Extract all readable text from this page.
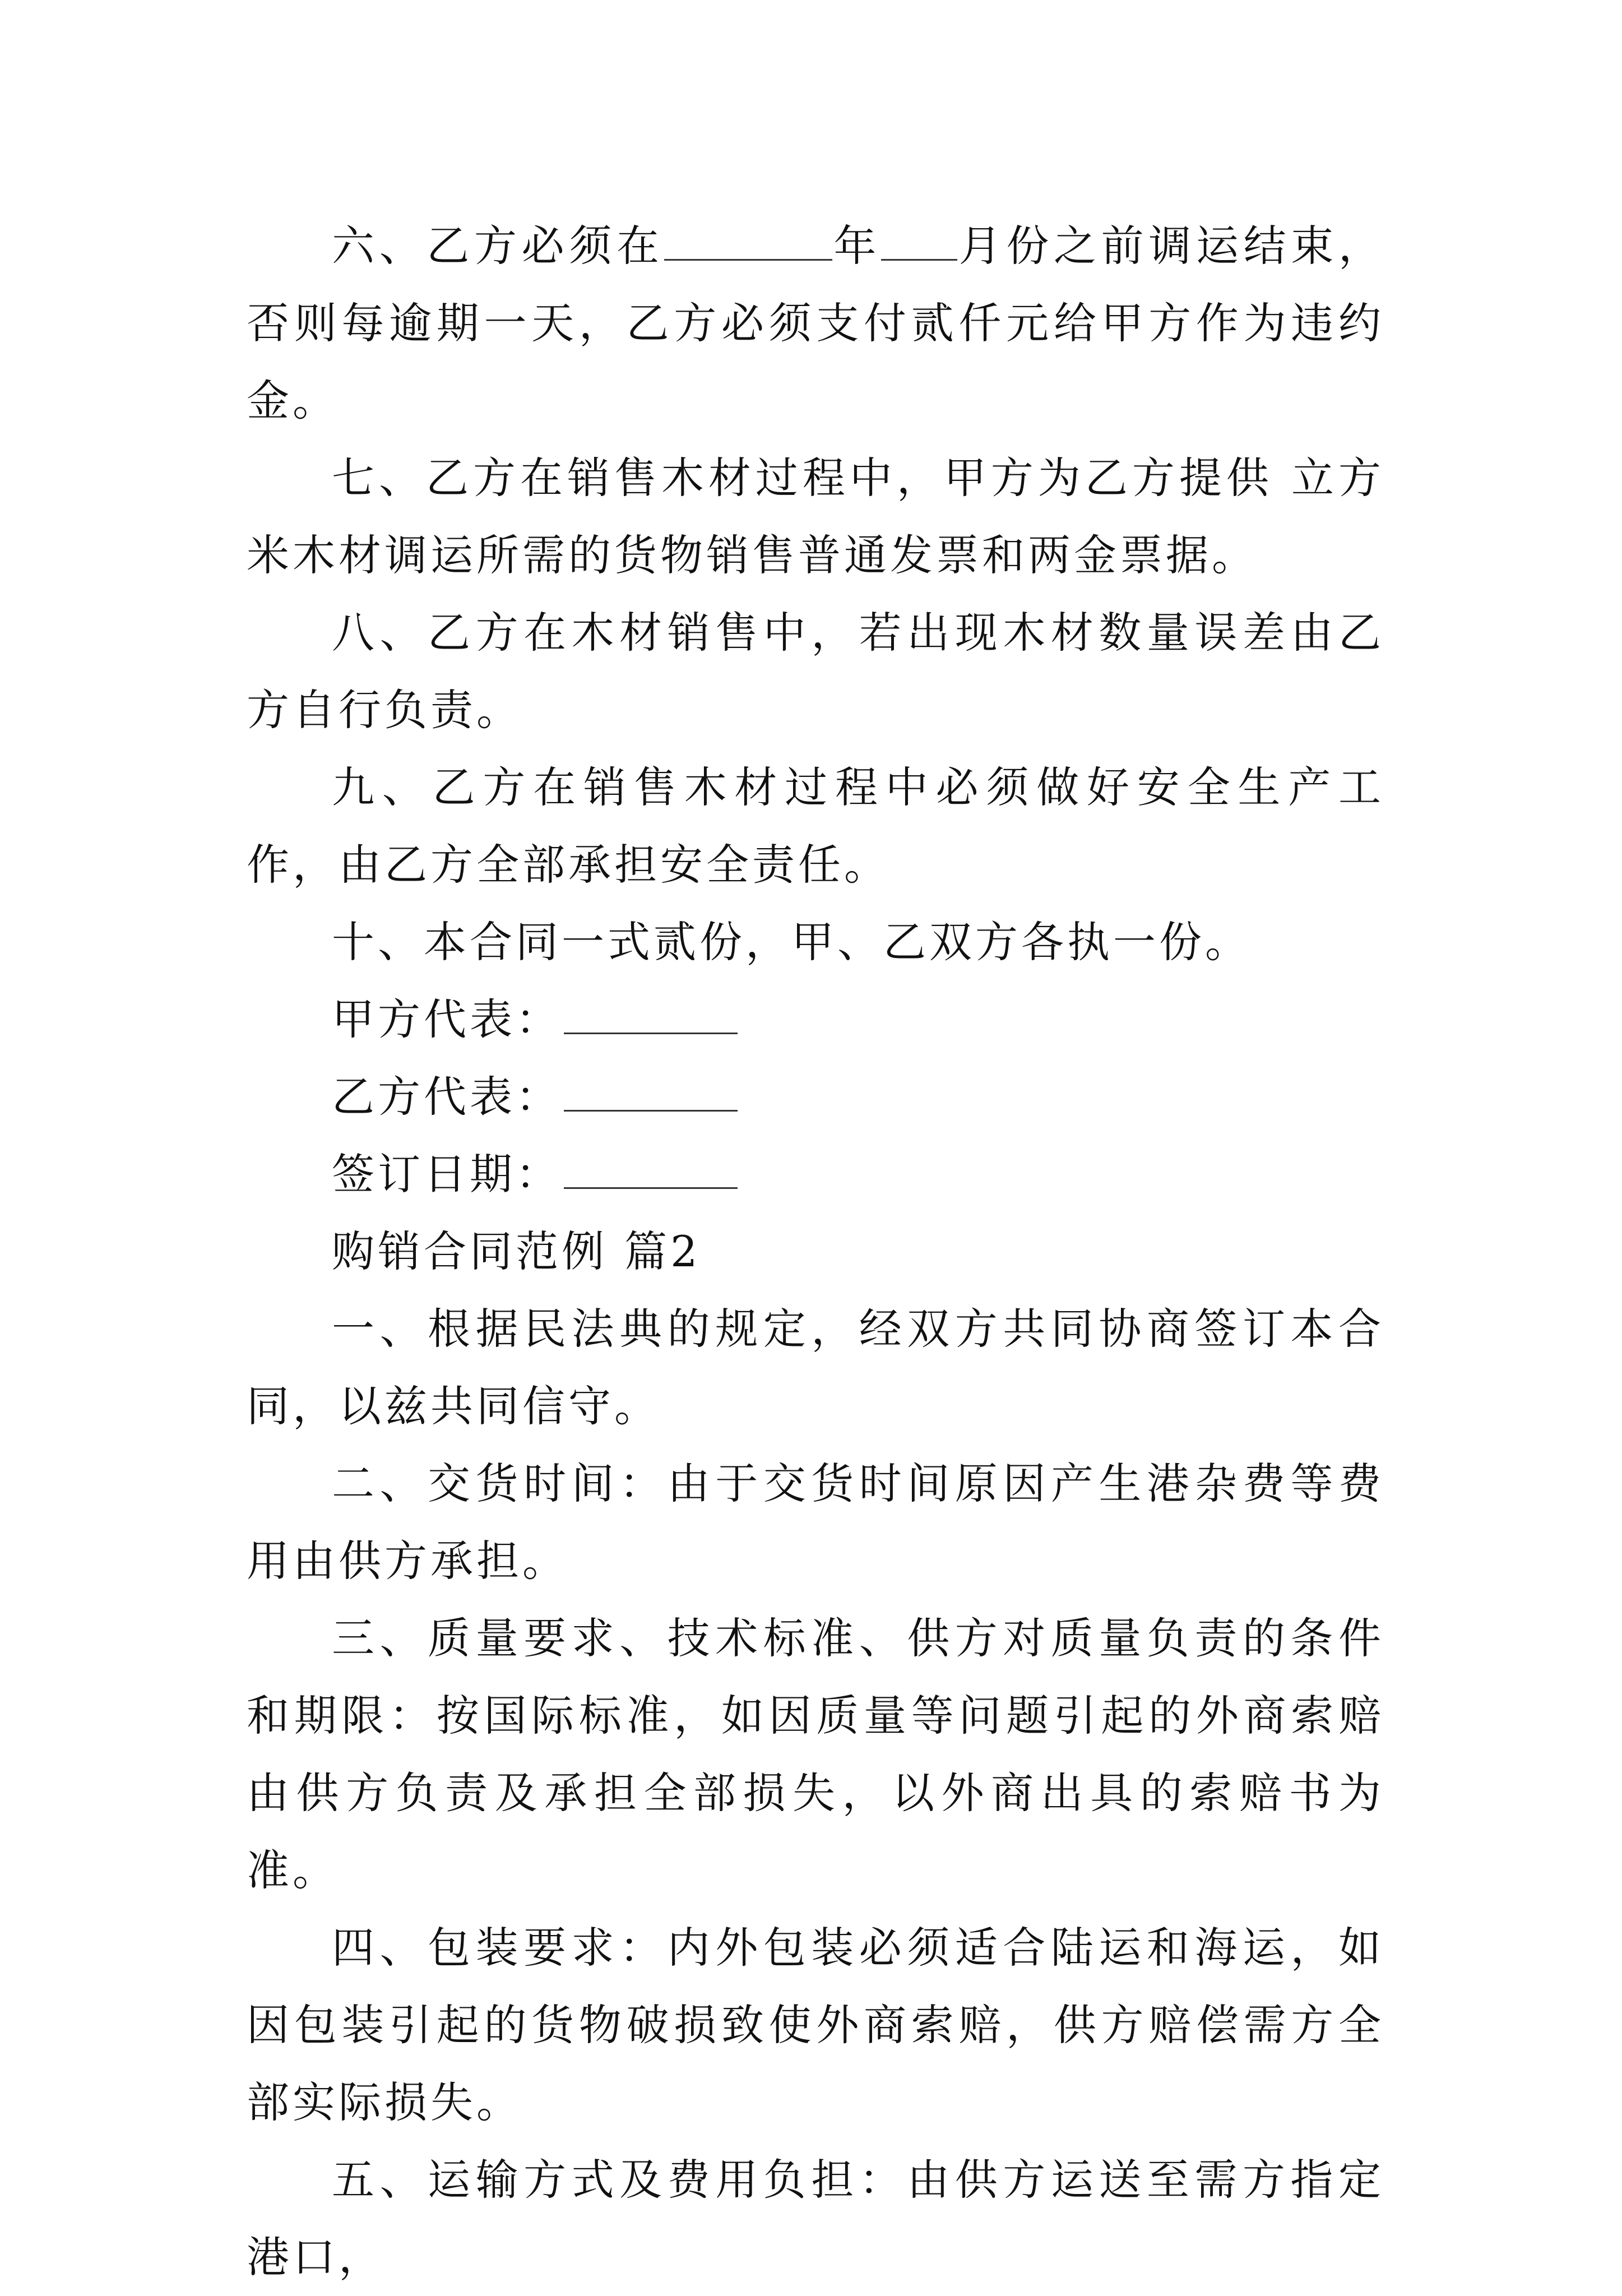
六、乙方必须在	年 月份之前调运结束，否则每逾期一天，乙方必须支付贰仟元给甲方作为违约金。

七、乙方在销售木材过程中，甲方为乙方提供 立方米木材调运所需的货物销售普通发票和两金票据。

八、乙方在木材销售中，若出现木材数量误差由乙方自行负责。

九、乙方在销售木材过程中必须做好安全生产工作，由乙方全部承担安全责任。

十、本合同一式贰份，甲、乙双方各执一份。

甲方代表：

乙方代表：

签订日期：

购销合同范例 篇2

一、根据民法典的规定，经双方共同协商签订本合同，以兹共同信守。

二、交货时间：由于交货时间原因产生港杂费等费用由供方承担。

三、质量要求、技术标准、供方对质量负责的条件和期限：按国际标准，如因质量等问题引起的外商索赔由供方负责及承担全部损失，以外商出具的索赔书为准。

四、包装要求：内外包装必须适合陆运和海运，如因包装引起的货物破损致使外商索赔，供方赔偿需方全部实际损失。

五、运输方式及费用负担：由供方运送至需方指定港口，
